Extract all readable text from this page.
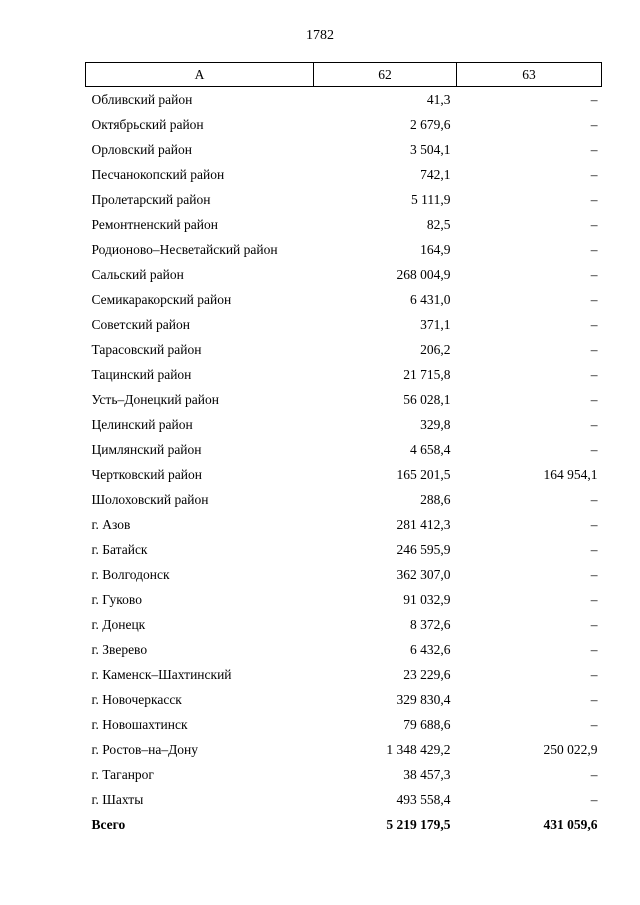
1782
А	62	63
Обливский район	41,3	–
Октябрьский район	2 679,6	–
Орловский район	3 504,1	–
Песчанокопский район	742,1	–
Пролетарский район	5 111,9	–
Ремонтненский район	82,5	–
Родионово–Несветайский район	164,9	–
Сальский район	268 004,9	–
Семикаракорский район	6 431,0	–
Советский район	371,1	–
Тарасовский район	206,2	–
Тацинский район	21 715,8	–
Усть–Донецкий район	56 028,1	–
Целинский район	329,8	–
Цимлянский район	4 658,4	–
Чертковский район	165 201,5	164 954,1
Шолоховский район	288,6	–
г. Азов	281 412,3	–
г. Батайск	246 595,9	–
г. Волгодонск	362 307,0	–
г. Гуково	91 032,9	–
г. Донецк	8 372,6	–
г. Зверево	6 432,6	–
г. Каменск–Шахтинский	23 229,6	–
г. Новочеркасск	329 830,4	–
г. Новошахтинск	79 688,6	–
г. Ростов–на–Дону	1 348 429,2	250 022,9
г. Таганрог	38 457,3	–
г. Шахты	493 558,4	–
Всего	5 219 179,5	431 059,6
